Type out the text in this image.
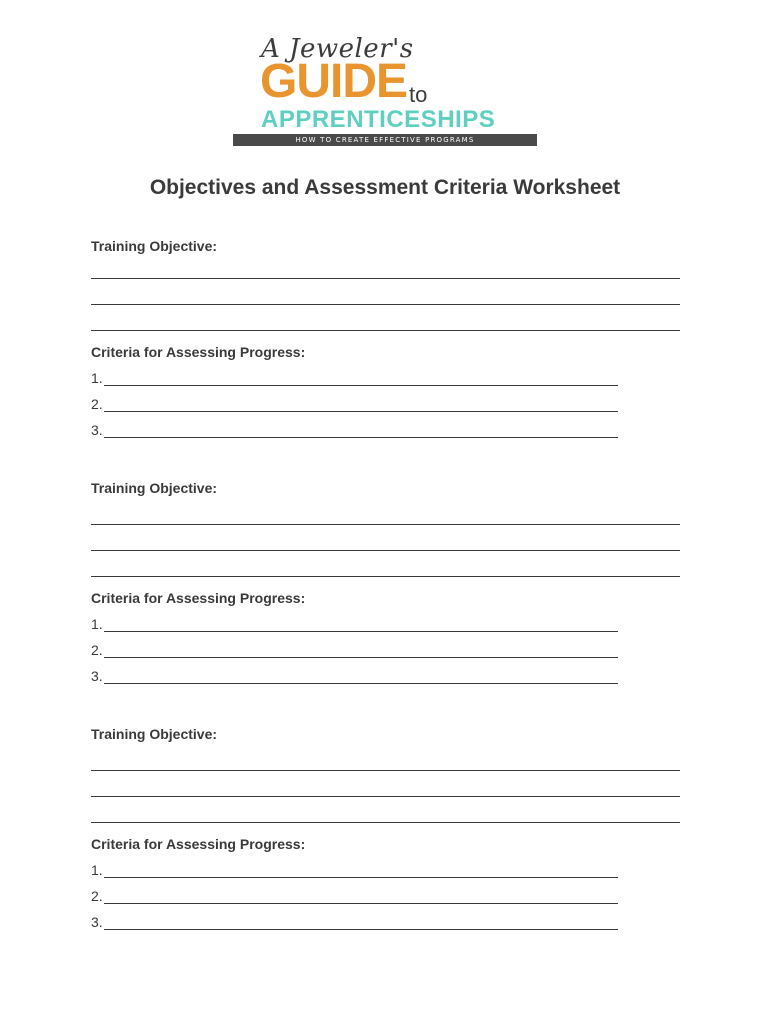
A Jeweler's
GUIDE to
APPRENTICESHIPS
HOW TO CREATE EFFECTIVE PROGRAMS
Objectives and Assessment Criteria Worksheet
Training Objective:
Criteria for Assessing Progress:
1.
2.
3.
Training Objective:
Criteria for Assessing Progress:
1.
2.
3.
Training Objective:
Criteria for Assessing Progress:
1.
2.
3.
